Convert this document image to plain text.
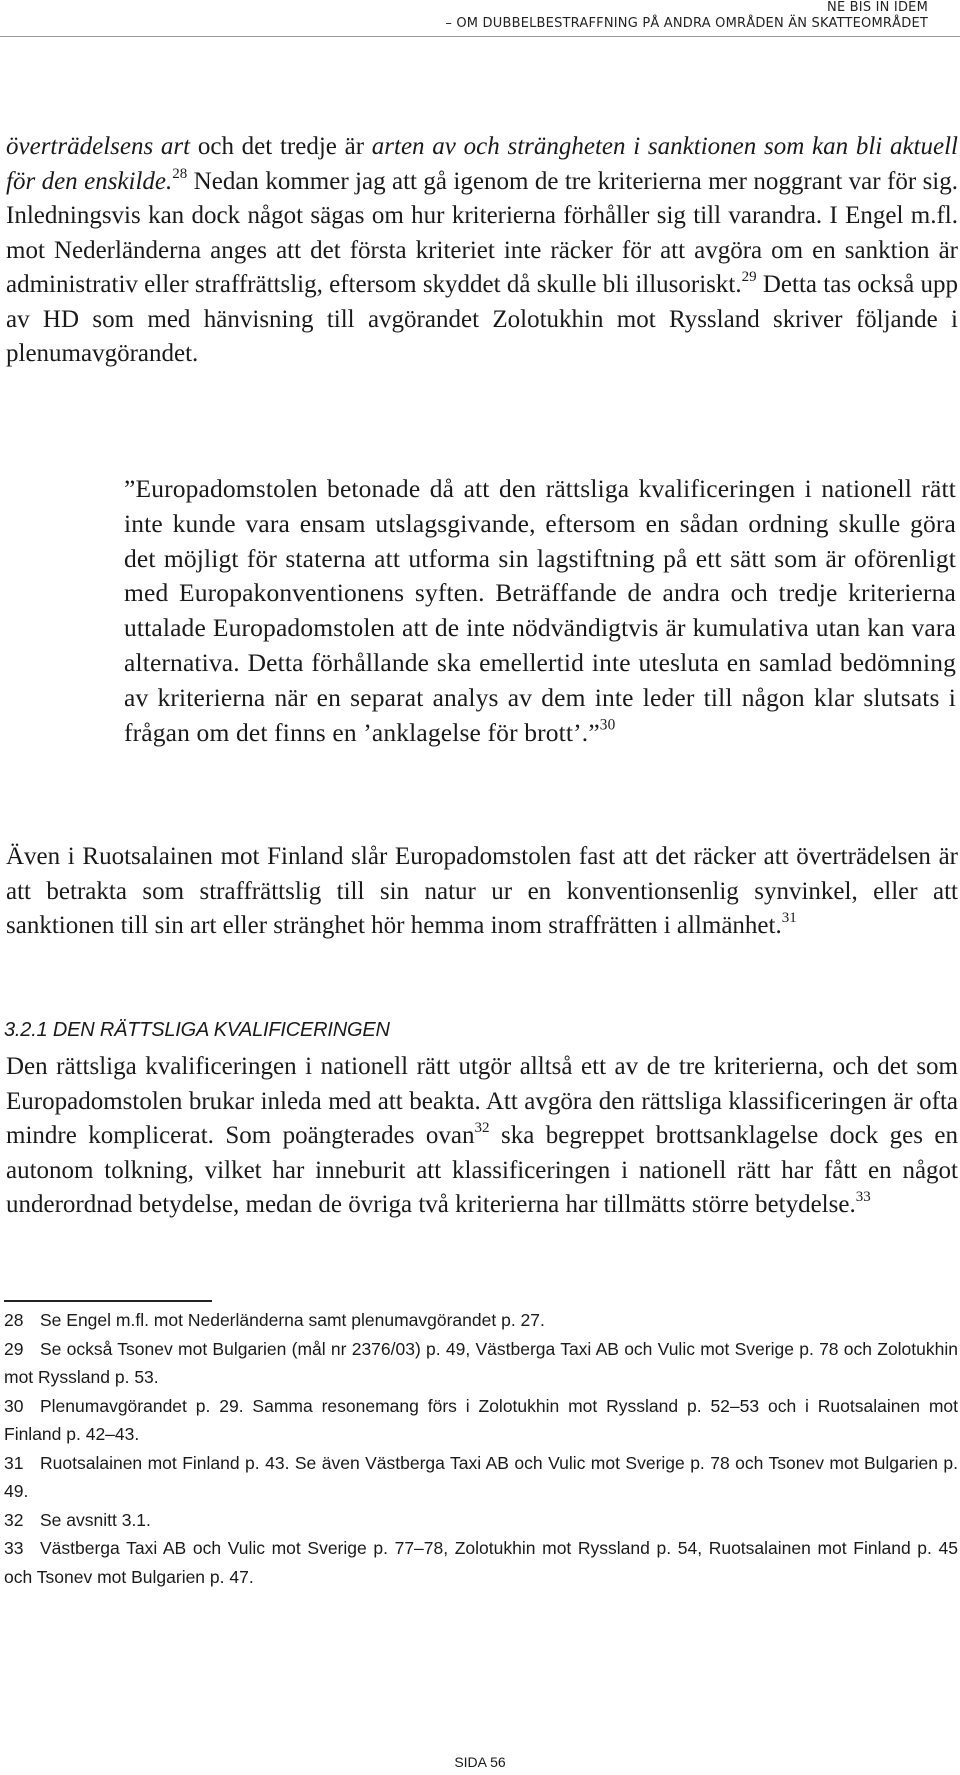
NE BIS IN IDEM
– OM DUBBELBESTRAFFNING PÅ ANDRA OMRÅDEN ÄN SKATTEOMRÅDET

överträdelsens art och det tredje är arten av och strängheten i sanktionen som kan bli aktuell för den enskilde.$^{28}$ Nedan kommer jag att gå igenom de tre kriterierna mer noggrant var för sig. Inledningsvis kan dock något sägas om hur kriterierna förhåller sig till varandra. I Engel m.fl. mot Nederländerna anges att det första kriteriet inte räcker för att avgöra om en sanktion är administrativ eller straffrättslig, eftersom skyddet då skulle bli illusoriskt.$^{29}$ Detta tas också upp av HD som med hänvisning till avgörandet Zolotukhin mot Ryssland skriver följande i plenumavgörandet.

”Europadomstolen betonade då att den rättsliga kvalificeringen i nationell rätt inte kunde vara ensam utslagsgivande, eftersom en sådan ordning skulle göra det möjligt för staterna att utforma sin lagstiftning på ett sätt som är oförenligt med Europakonventionens syften. Beträffande de andra och tredje kriterierna uttalade Europadomstolen att de inte nödvändigtvis är kumulativa utan kan vara alternativa. Detta förhållande ska emellertid inte utesluta en samlad bedömning av kriterierna när en separat analys av dem inte leder till någon klar slutsats i frågan om det finns en ’anklagelse för brott’.”$^{30}$

Även i Ruotsalainen mot Finland slår Europadomstolen fast att det räcker att överträdelsen är att betrakta som straffrättslig till sin natur ur en konventionsenlig synvinkel, eller att sanktionen till sin art eller stränghet hör hemma inom straffrätten i allmänhet.$^{31}$

3.2.1 DEN RÄTTSLIGA KVALIFICERINGEN

Den rättsliga kvalificeringen i nationell rätt utgör alltså ett av de tre kriterierna, och det som Europadomstolen brukar inleda med att beakta. Att avgöra den rättsliga klassificeringen är ofta mindre komplicerat. Som poängterades ovan$^{32}$ ska begreppet brottsanklagelse dock ges en autonom tolkning, vilket har inneburit att klassificeringen i nationell rätt har fått en något underordnad betydelse, medan de övriga två kriterierna har tillmätts större betydelse.$^{33}$

28 Se Engel m.fl. mot Nederländerna samt plenumavgörandet p. 27.

29 Se också Tsonev mot Bulgarien (mål nr 2376/03) p. 49, Västberga Taxi AB och Vulic mot Sverige p. 78 och Zolotukhin mot Ryssland p. 53.

30 Plenumavgörandet p. 29. Samma resonemang förs i Zolotukhin mot Ryssland p. 52–53 och i Ruotsalainen mot Finland p. 42–43.

31 Ruotsalainen mot Finland p. 43. Se även Västberga Taxi AB och Vulic mot Sverige p. 78 och Tsonev mot Bulgarien p. 49.

32 Se avsnitt 3.1.

33 Västberga Taxi AB och Vulic mot Sverige p. 77–78, Zolotukhin mot Ryssland p. 54, Ruotsalainen mot Finland p. 45 och Tsonev mot Bulgarien p. 47.

SIDA 56
